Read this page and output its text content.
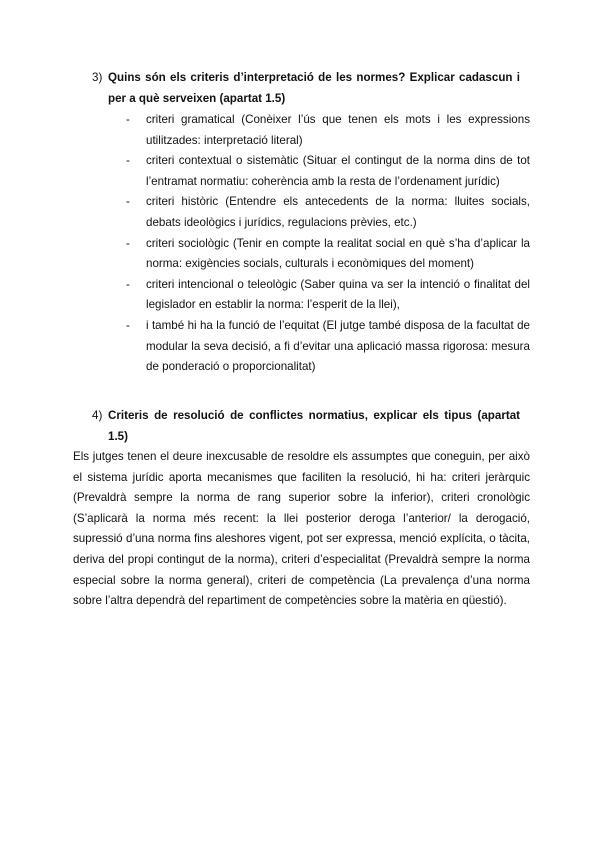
3) Quins són els criteris d’interpretació de les normes? Explicar cadascun i per a què serveixen (apartat 1.5)
- criteri gramatical (Conèixer l’ús que tenen els mots i les expressions utilitzades: interpretació literal)
- criteri contextual o sistemàtic (Situar el contingut de la norma dins de tot l’entramat normatiu: coherència amb la resta de l’ordenament jurídic)
- criteri històric (Entendre els antecedents de la norma: lluites socials, debats ideològics i jurídics, regulacions prèvies, etc.)
- criteri sociològic (Tenir en compte la realitat social en què s’ha d’aplicar la norma: exigències socials, culturals i econòmiques del moment)
- criteri intencional o teleològic (Saber quina va ser la intenció o finalitat del legislador en establir la norma: l’esperit de la llei),
- i també hi ha la funció de l’equitat (El jutge també disposa de la facultat de modular la seva decisió, a fi d’evitar una aplicació massa rigorosa: mesura de ponderació o proporcionalitat)
4) Criteris de resolució de conflictes normatius, explicar els tipus (apartat 1.5)

Els jutges tenen el deure inexcusable de resoldre els assumptes que coneguin, per això el sistema jurídic aporta mecanismes que faciliten la resolució, hi ha: criteri jeràrquic (Prevaldrà sempre la norma de rang superior sobre la inferior), criteri cronològic (S’aplicarà la norma més recent: la llei posterior deroga l’anterior/ la derogació, supressió d’una norma fins aleshores vigent, pot ser expressa, menció explícita, o tàcita, deriva del propi contingut de la norma), criteri d’especialitat (Prevaldrà sempre la norma especial sobre la norma general), criteri de competència (La prevalença d’una norma sobre l’altra dependrà del repartiment de competències sobre la matèria en qüestió).
